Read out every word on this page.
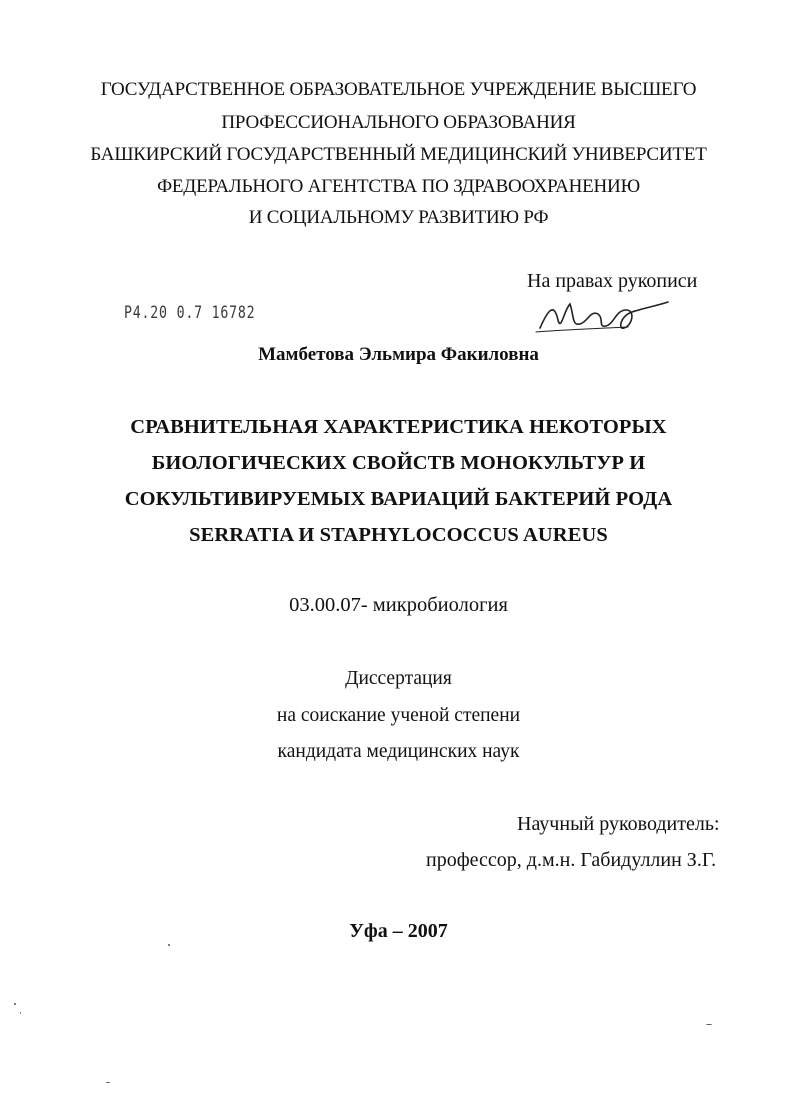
ГОСУДАРСТВЕННОЕ ОБРАЗОВАТЕЛЬНОЕ УЧРЕЖДЕНИЕ ВЫСШЕГО
ПРОФЕССИОНАЛЬНОГО ОБРАЗОВАНИЯ
БАШКИРСКИЙ ГОСУДАРСТВЕННЫЙ МЕДИЦИНСКИЙ УНИВЕРСИТЕТ
ФЕДЕРАЛЬНОГО АГЕНТСТВА ПО ЗДРАВООХРАНЕНИЮ
И СОЦИАЛЬНОМУ РАЗВИТИЮ РФ
На правах рукописи
Р4.20 0.7 16782
Мамбетова Эльмира Факиловна
СРАВНИТЕЛЬНАЯ ХАРАКТЕРИСТИКА НЕКОТОРЫХ
БИОЛОГИЧЕСКИХ СВОЙСТВ МОНОКУЛЬТУР И
СОКУЛЬТИВИРУЕМЫХ ВАРИАЦИЙ БАКТЕРИЙ РОДА
SERRATIA И STAPHYLOCOCCUS AUREUS
03.00.07- микробиология
Диссертация
на соискание ученой степени
кандидата медицинских наук
Научный руководитель:
профессор, д.м.н. Габидуллин З.Г.
Уфа – 2007
